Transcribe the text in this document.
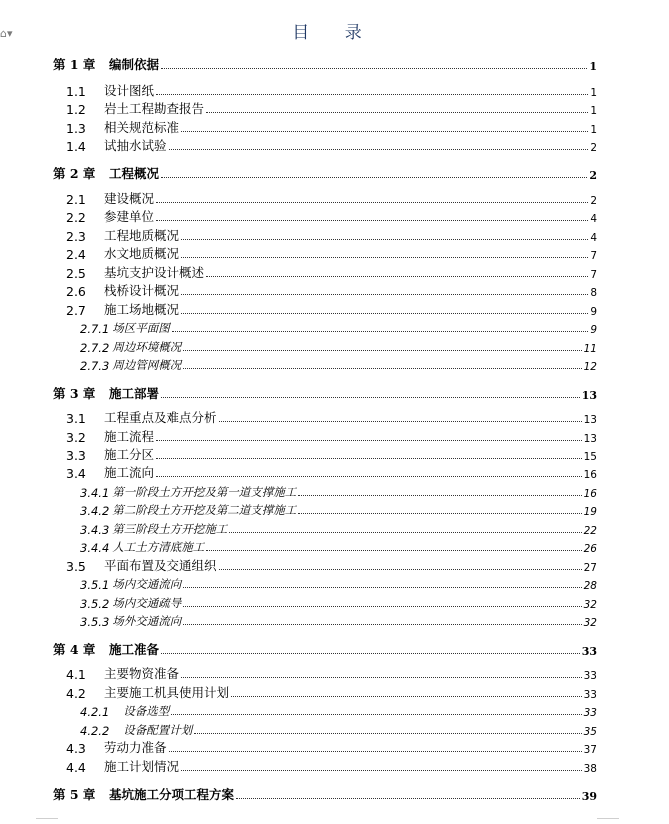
⌂▾	目 录
第 1 章	编制依据	1
1.1	设计图纸	1
1.2	岩土工程勘查报告	1
1.3	相关规范标准	1
1.4	试抽水试验	2
第 2 章	工程概况	2
2.1	建设概况	2
2.2	参建单位	4
2.3	工程地质概况	4
2.4	水文地质概况	7
2.5	基坑支护设计概述	7
2.6	栈桥设计概况	8
2.7	施工场地概况	9
2.7.1 场区平面图	9
2.7.2 周边环境概况	11
2.7.3 周边管网概况	12
第 3 章	施工部署	13
3.1	工程重点及难点分析	13
3.2	施工流程	13
3.3	施工分区	15
3.4	施工流向	16
3.4.1 第一阶段土方开挖及第一道支撑施工	16
3.4.2 第二阶段土方开挖及第二道支撑施工	19
3.4.3 第三阶段土方开挖施工	22
3.4.4 人工土方清底施工	26
3.5	平面布置及交通组织	27
3.5.1 场内交通流向	28
3.5.2 场内交通疏导	32
3.5.3 场外交通流向	32
第 4 章	施工准备	33
4.1	主要物资准备	33
4.2	主要施工机具使用计划	33
4.2.1 设备选型	33
4.2.2 设备配置计划	35
4.3	劳动力准备	37
4.4	施工计划情况	38
第 5 章	基坑施工分项工程方案	39
